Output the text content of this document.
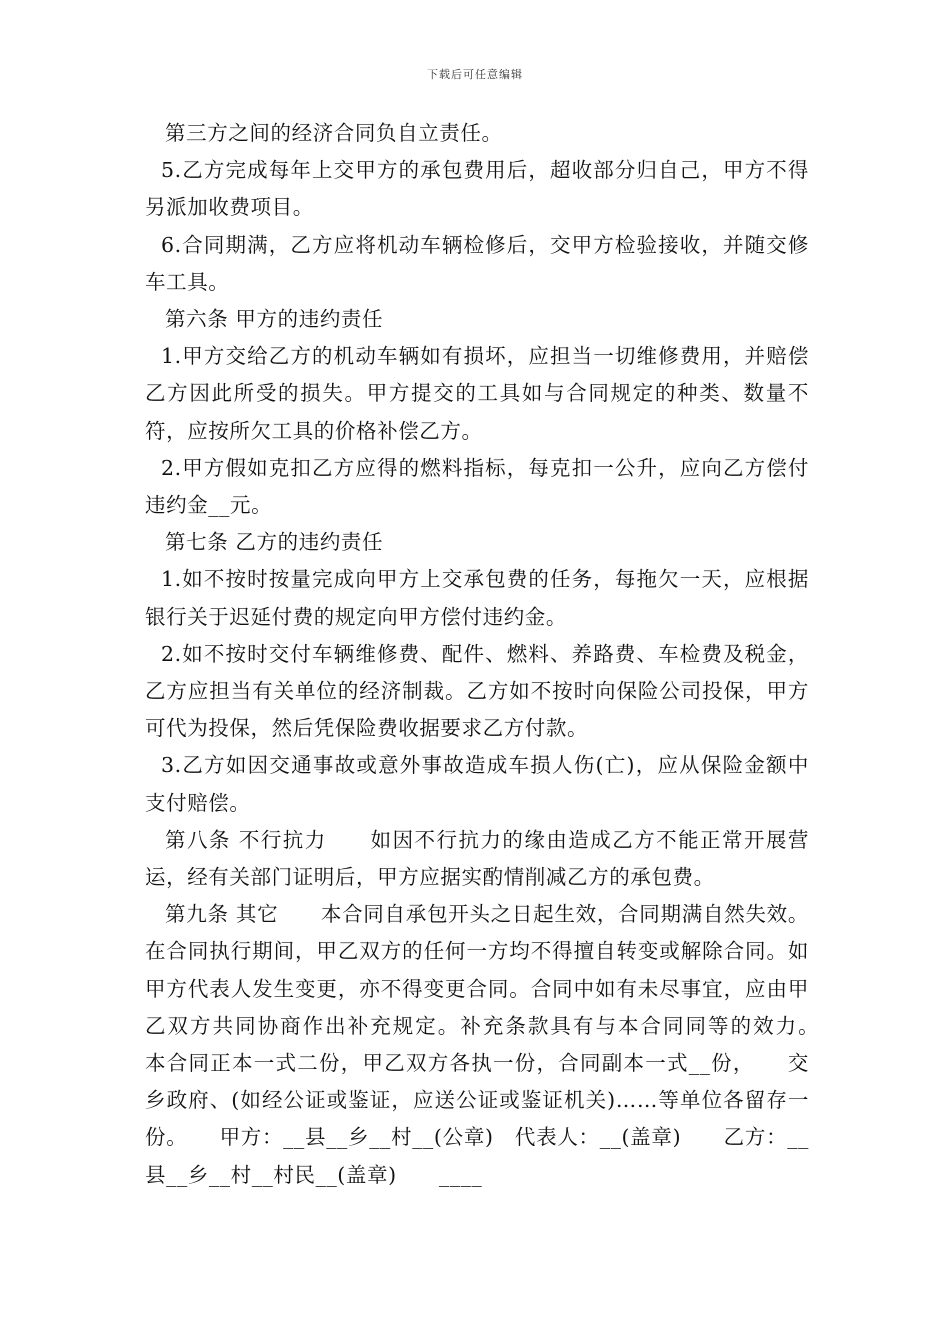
下载后可任意编辑

第三方之间的经济合同负自立责任。

5.乙方完成每年上交甲方的承包费用后，超收部分归自己，甲方不得另派加收费项目。

6.合同期满，乙方应将机动车辆检修后，交甲方检验接收，并随交修车工具。

第六条 甲方的违约责任

1.甲方交给乙方的机动车辆如有损坏，应担当一切维修费用，并赔偿乙方因此所受的损失。甲方提交的工具如与合同规定的种类、数量不符，应按所欠工具的价格补偿乙方。

2.甲方假如克扣乙方应得的燃料指标，每克扣一公升，应向乙方偿付违约金__元。

第七条 乙方的违约责任

1.如不按时按量完成向甲方上交承包费的任务，每拖欠一天，应根据银行关于迟延付费的规定向甲方偿付违约金。

2.如不按时交付车辆维修费、配件、燃料、养路费、车检费及税金，乙方应担当有关单位的经济制裁。乙方如不按时向保险公司投保，甲方可代为投保，然后凭保险费收据要求乙方付款。

3.乙方如因交通事故或意外事故造成车损人伤(亡)，应从保险金额中支付赔偿。

第八条 不行抗力　　如因不行抗力的缘由造成乙方不能正常开展营运，经有关部门证明后，甲方应据实酌情削减乙方的承包费。

第九条 其它　　本合同自承包开头之日起生效，合同期满自然失效。在合同执行期间，甲乙双方的任何一方均不得擅自转变或解除合同。如甲方代表人发生变更，亦不得变更合同。合同中如有未尽事宜，应由甲乙双方共同协商作出补充规定。补充条款具有与本合同同等的效力。　　本合同正本一式二份，甲乙双方各执一份，合同副本一式__份，　　交乡政府、(如经公证或鉴证，应送公证或鉴证机关)……等单位各留存一份。　　甲方：__县__乡__村__(公章)　代表人：__(盖章)　　乙方：__县__乡__村__村民__(盖章)　　____
